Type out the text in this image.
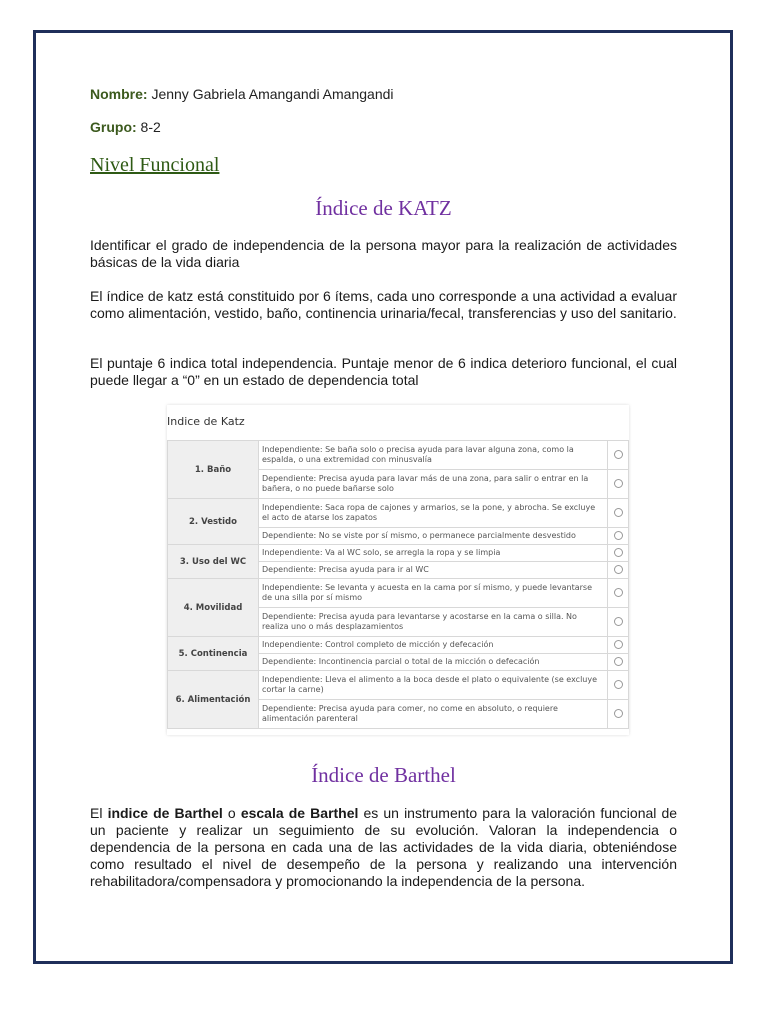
Nombre: Jenny Gabriela Amangandi Amangandi
Grupo: 8-2
Nivel Funcional
Índice de KATZ
Identificar el grado de independencia de la persona mayor para la realización de actividades básicas de la vida diaria
El índice de katz está constituido por 6 ítems, cada uno corresponde a una actividad a evaluar como alimentación, vestido, baño, continencia urinaria/fecal, transferencias y uso del sanitario.
El puntaje 6 indica total independencia. Puntaje menor de 6 indica deterioro funcional, el cual puede llegar a “0” en un estado de dependencia total
Indice de Katz
1. Baño	Independiente: Se baña solo o precisa ayuda para lavar alguna zona, como la espalda, o una extremidad con minusvalía	
	Dependiente: Precisa ayuda para lavar más de una zona, para salir o entrar en la bañera, o no puede bañarse solo	
2. Vestido	Independiente: Saca ropa de cajones y armarios, se la pone, y abrocha. Se excluye el acto de atarse los zapatos	
	Dependiente: No se viste por sí mismo, o permanece parcialmente desvestido	
3. Uso del WC	Independiente: Va al WC solo, se arregla la ropa y se limpia	
	Dependiente: Precisa ayuda para ir al WC	
4. Movilidad	Independiente: Se levanta y acuesta en la cama por sí mismo, y puede levantarse de una silla por sí mismo	
	Dependiente: Precisa ayuda para levantarse y acostarse en la cama o silla. No realiza uno o más desplazamientos	
5. Continencia	Independiente: Control completo de micción y defecación	
	Dependiente: Incontinencia parcial o total de la micción o defecación	
6. Alimentación	Independiente: Lleva el alimento a la boca desde el plato o equivalente (se excluye cortar la carne)	
	Dependiente: Precisa ayuda para comer, no come en absoluto, o requiere alimentación parenteral	
Índice de Barthel
El indice de Barthel o escala de Barthel es un instrumento para la valoración funcional de un paciente y realizar un seguimiento de su evolución. Valoran la independencia o dependencia de la persona en cada una de las actividades de la vida diaria, obteniéndose como resultado el nivel de desempeño de la persona y realizando una intervención rehabilitadora/compensadora y promocionando la independencia de la persona.
